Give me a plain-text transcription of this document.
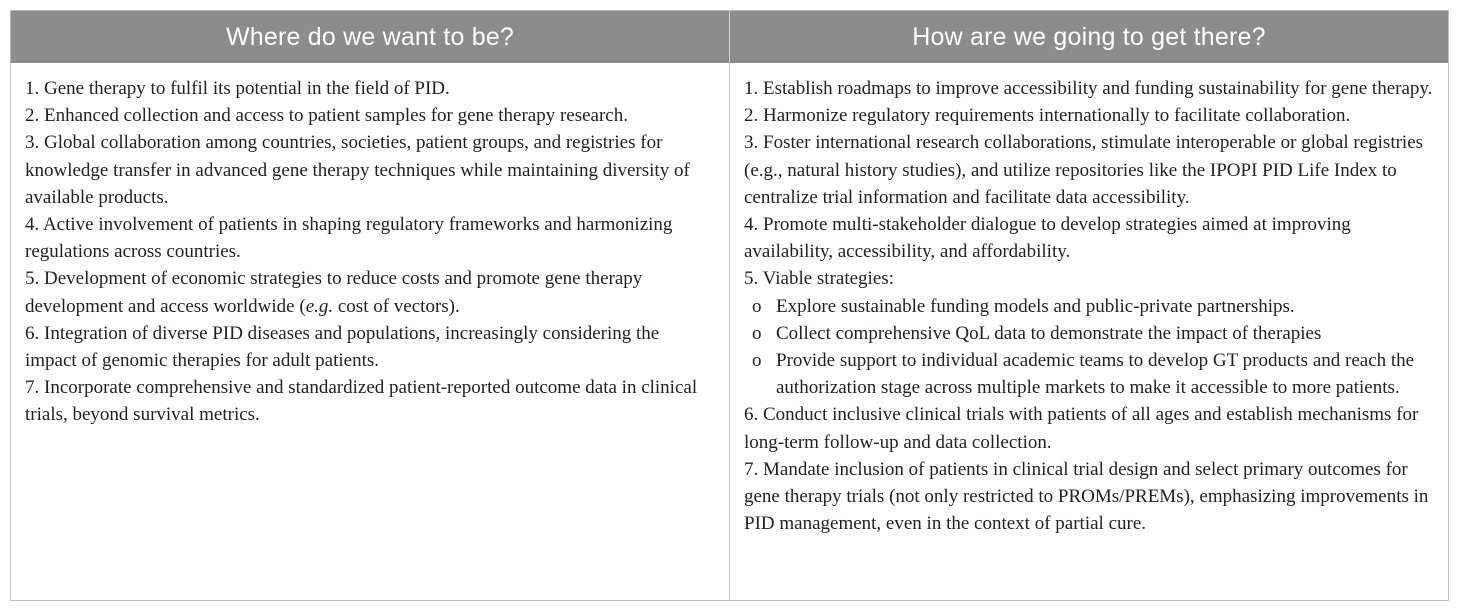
Where do we want to be?	How are we going to get there?

1. Gene therapy to fulfil its potential in the field of PID.

2. Enhanced collection and access to patient samples for gene therapy research.

3. Global collaboration among countries, societies, patient groups, and registries for knowledge transfer in advanced gene therapy techniques while maintaining diversity of available products.

4. Active involvement of patients in shaping regulatory frameworks and harmonizing regulations across countries.

5. Development of economic strategies to reduce costs and promote gene therapy development and access worldwide (e.g. cost of vectors).

6. Integration of diverse PID diseases and populations, increasingly considering the impact of genomic therapies for adult patients.

7. Incorporate comprehensive and standardized patient-reported outcome data in clinical trials, beyond survival metrics.

1. Establish roadmaps to improve accessibility and funding sustainability for gene therapy.

2. Harmonize regulatory requirements internationally to facilitate collaboration.

3. Foster international research collaborations, stimulate interoperable or global registries (e.g., natural history studies), and utilize repositories like the IPOPI PID Life Index to centralize trial information and facilitate data accessibility.

4. Promote multi-stakeholder dialogue to develop strategies aimed at improving availability, accessibility, and affordability.

5. Viable strategies:

o Explore sustainable funding models and public-private partnerships.
o Collect comprehensive QoL data to demonstrate the impact of therapies
o Provide support to individual academic teams to develop GT products and reach the authorization stage across multiple markets to make it accessible to more patients.

6. Conduct inclusive clinical trials with patients of all ages and establish mechanisms for long-term follow-up and data collection.

7. Mandate inclusion of patients in clinical trial design and select primary outcomes for gene therapy trials (not only restricted to PROMs/PREMs), emphasizing improvements in PID management, even in the context of partial cure.
